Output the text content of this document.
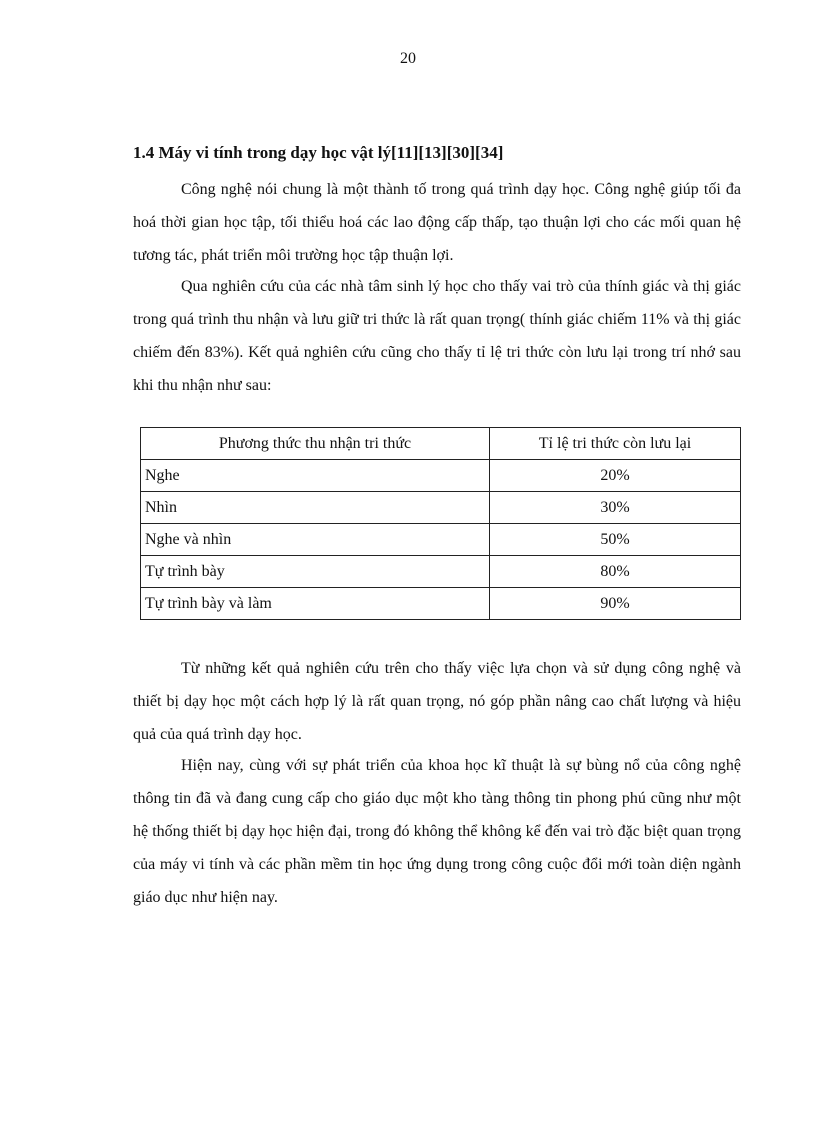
20
1.4 Máy vi tính trong dạy học vật lý[11][13][30][34]

Công nghệ nói chung là một thành tố trong quá trình dạy học. Công nghệ giúp tối đa hoá thời gian học tập, tối thiểu hoá các lao động cấp thấp, tạo thuận lợi cho các mối quan hệ tương tác, phát triển môi trường học tập thuận lợi.

Qua nghiên cứu của các nhà tâm sinh lý học cho thấy vai trò của thính giác và thị giác trong quá trình thu nhận và lưu giữ tri thức là rất quan trọng( thính giác chiếm 11% và thị giác chiếm đến 83%). Kết quả nghiên cứu cũng cho thấy tỉ lệ tri thức còn lưu lại trong trí nhớ sau khi thu nhận như sau:

Phương thức thu nhận tri thức	Tỉ lệ tri thức còn lưu lại
Nghe	20%
Nhìn	30%
Nghe và nhìn	50%
Tự trình bày	80%
Tự trình bày và làm	90%

Từ những kết quả nghiên cứu trên cho thấy việc lựa chọn và sử dụng công nghệ và thiết bị dạy học một cách hợp lý là rất quan trọng, nó góp phần nâng cao chất lượng và hiệu quả của quá trình dạy học.

Hiện nay, cùng với sự phát triển của khoa học kĩ thuật là sự bùng nổ của công nghệ thông tin đã và đang cung cấp cho giáo dục một kho tàng thông tin phong phú cũng như một hệ thống thiết bị dạy học hiện đại, trong đó không thể không kể đến vai trò đặc biệt quan trọng của máy vi tính và các phần mềm tin học ứng dụng trong công cuộc đổi mới toàn diện ngành giáo dục như hiện nay.
